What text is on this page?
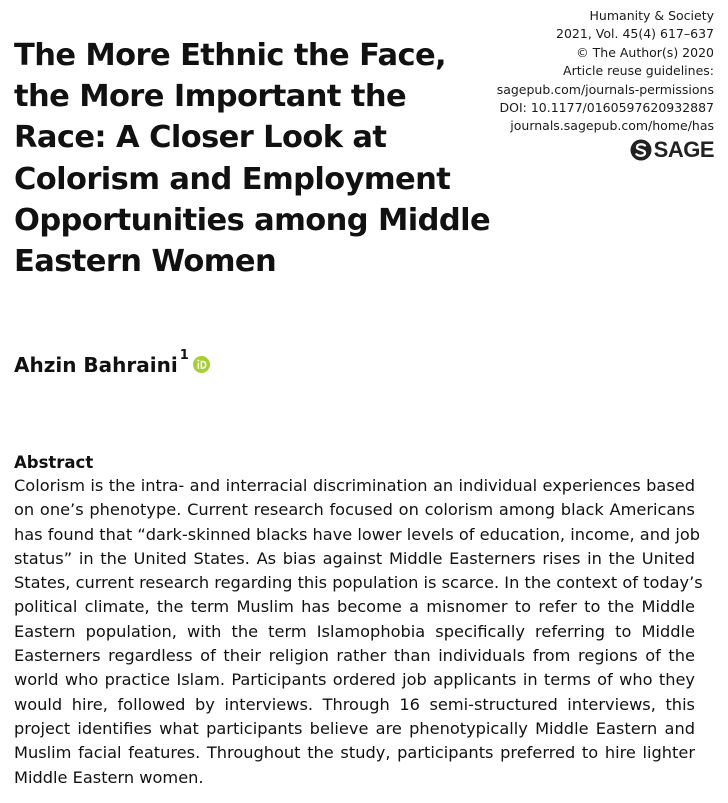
Humanity & Society
2021, Vol. 45(4) 617–637
© The Author(s) 2020
Article reuse guidelines:
sagepub.com/journals-permissions
DOI: 10.1177/0160597620932887
journals.sagepub.com/home/has
SAGE
The More Ethnic the Face,
the More Important the
Race: A Closer Look at
Colorism and Employment
Opportunities among Middle
Eastern Women
Ahzin Bahraini$^1$
Abstract
Colorism is the intra- and interracial discrimination an individual experiences based
on one’s phenotype. Current research focused on colorism among black Americans
has found that “dark-skinned blacks have lower levels of education, income, and job
status” in the United States. As bias against Middle Easterners rises in the United
States, current research regarding this population is scarce. In the context of today’s
political climate, the term Muslim has become a misnomer to refer to the Middle
Eastern population, with the term Islamophobia specifically referring to Middle
Easterners regardless of their religion rather than individuals from regions of the
world who practice Islam. Participants ordered job applicants in terms of who they
would hire, followed by interviews. Through 16 semi-structured interviews, this
project identifies what participants believe are phenotypically Middle Eastern and
Muslim facial features. Throughout the study, participants preferred to hire lighter
Middle Eastern women.
